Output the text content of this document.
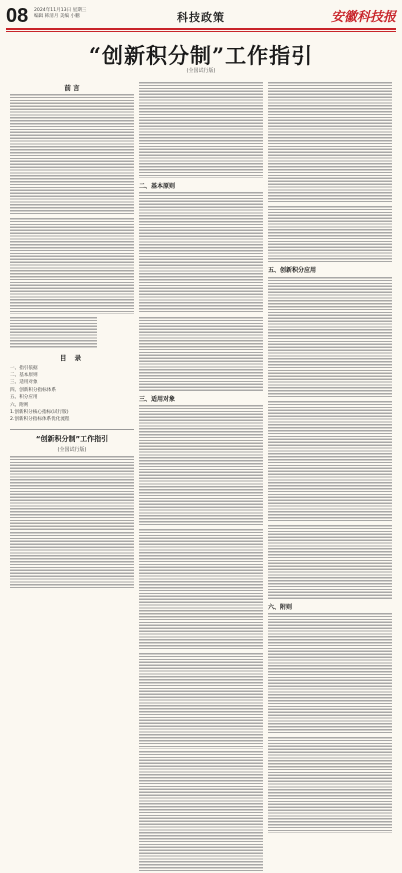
08 2024年11月13日 星期三
编辑 韩清月 美编 小鹏	科技政策	安徽科技报
“创新积分制”工作指引
(全国试行版)
前 言
目 录
一、指引依据
二、基本原则
三、适用对象
四、创新积分指标体系
五、积分应用
六、附则
1.创新积分核心指标(试行版)
2.创新积分指标体系优化流程
“创新积分制”工作指引
(全国试行版)
二、基本原则
三、适用对象
五、创新积分应用
六、附则
